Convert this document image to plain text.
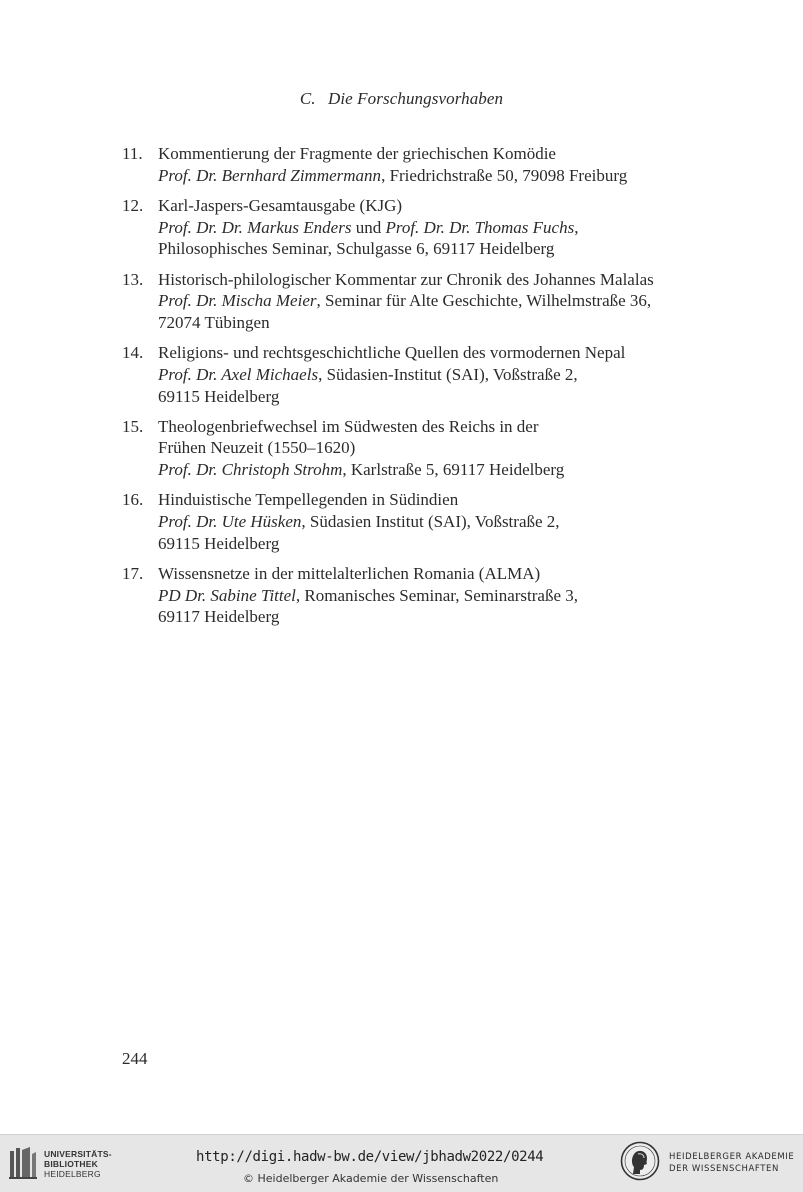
C. Die Forschungsvorhaben
11. Kommentierung der Fragmente der griechischen Komödie
Prof. Dr. Bernhard Zimmermann, Friedrichstraße 50, 79098 Freiburg
12. Karl-Jaspers-Gesamtausgabe (KJG)
Prof. Dr. Dr. Markus Enders und Prof. Dr. Dr. Thomas Fuchs,
Philosophisches Seminar, Schulgasse 6, 69117 Heidelberg
13. Historisch-philologischer Kommentar zur Chronik des Johannes Malalas
Prof. Dr. Mischa Meier, Seminar für Alte Geschichte, Wilhelmstraße 36,
72074 Tübingen
14. Religions- und rechtsgeschichtliche Quellen des vormodernen Nepal
Prof. Dr. Axel Michaels, Südasien-Institut (SAI), Voßstraße 2,
69115 Heidelberg
15. Theologenbriefwechsel im Südwesten des Reichs in der
Frühen Neuzeit (1550–1620)
Prof. Dr. Christoph Strohm, Karlstraße 5, 69117 Heidelberg
16. Hinduistische Tempellegenden in Südindien
Prof. Dr. Ute Hüsken, Südasien Institut (SAI), Voßstraße 2,
69115 Heidelberg
17. Wissensnetze in der mittelalterlichen Romania (ALMA)
PD Dr. Sabine Tittel, Romanisches Seminar, Seminarstraße 3,
69117 Heidelberg
244
UNIVERSITÄTS-
BIBLIOTHEK
HEIDELBERG
http://digi.hadw-bw.de/view/jbhadw2022/0244
© Heidelberger Akademie der Wissenschaften
HEIDELBERGER AKADEMIE
DER WISSENSCHAFTEN
